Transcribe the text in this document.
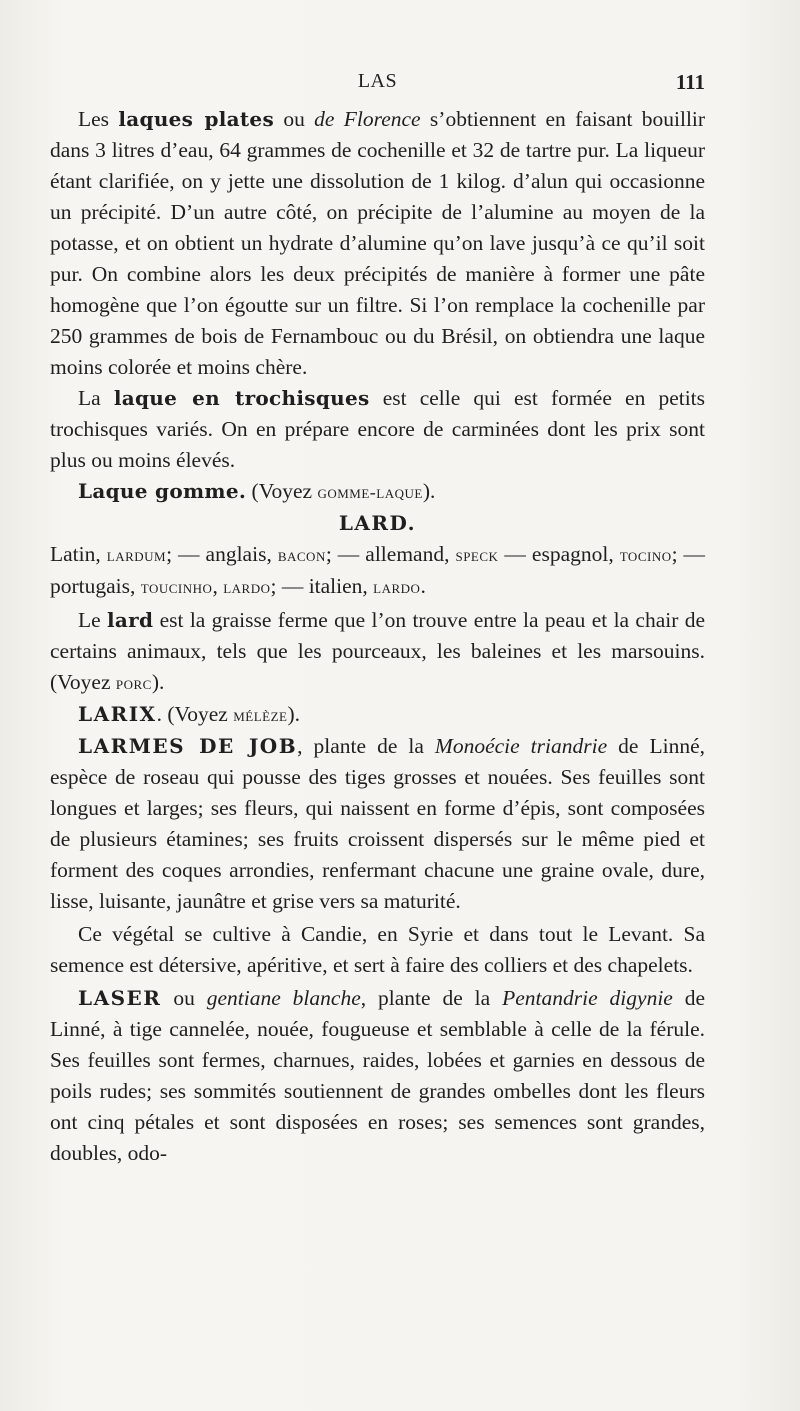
LAS	111

Les laques plates ou de Florence s’obtiennent en faisant bouillir dans 3 litres d’eau, 64 grammes de cochenille et 32 de tartre pur. La liqueur étant clarifiée, on y jette une dissolution de 1 kilog. d’alun qui occasionne un précipité. D’un autre côté, on précipite de l’alumine au moyen de la potasse, et on obtient un hydrate d’alumine qu’on lave jusqu’à ce qu’il soit pur. On combine alors les deux précipités de manière à former une pâte homogène que l’on égoutte sur un filtre. Si l’on remplace la cochenille par 250 grammes de bois de Fernambouc ou du Brésil, on obtiendra une laque moins colorée et moins chère.

La laque en trochisques est celle qui est formée en petits trochisques variés. On en prépare encore de carminées dont les prix sont plus ou moins élevés.

Laque gomme. (Voyez gomme-laque).

LARD.

Latin, lardum; — anglais, bacon; — allemand, speck — espagnol, tocino; — portugais, toucinho, lardo; — italien, lardo.

Le lard est la graisse ferme que l’on trouve entre la peau et la chair de certains animaux, tels que les pourceaux, les baleines et les marsouins. (Voyez porc).

LARIX. (Voyez mélèze).

LARMES DE JOB, plante de la Monoécie triandrie de Linné, espèce de roseau qui pousse des tiges grosses et nouées. Ses feuilles sont longues et larges; ses fleurs, qui naissent en forme d’épis, sont composées de plusieurs étamines; ses fruits croissent dispersés sur le même pied et forment des coques arrondies, renfermant chacune une graine ovale, dure, lisse, luisante, jaunâtre et grise vers sa maturité.

Ce végétal se cultive à Candie, en Syrie et dans tout le Levant. Sa semence est détersive, apéritive, et sert à faire des colliers et des chapelets.

LASER ou gentiane blanche, plante de la Pentandrie digynie de Linné, à tige cannelée, nouée, fougueuse et semblable à celle de la férule. Ses feuilles sont fermes, charnues, raides, lobées et garnies en dessous de poils rudes; ses sommités soutiennent de grandes ombelles dont les fleurs ont cinq pétales et sont disposées en roses; ses semences sont grandes, doubles, odo-
